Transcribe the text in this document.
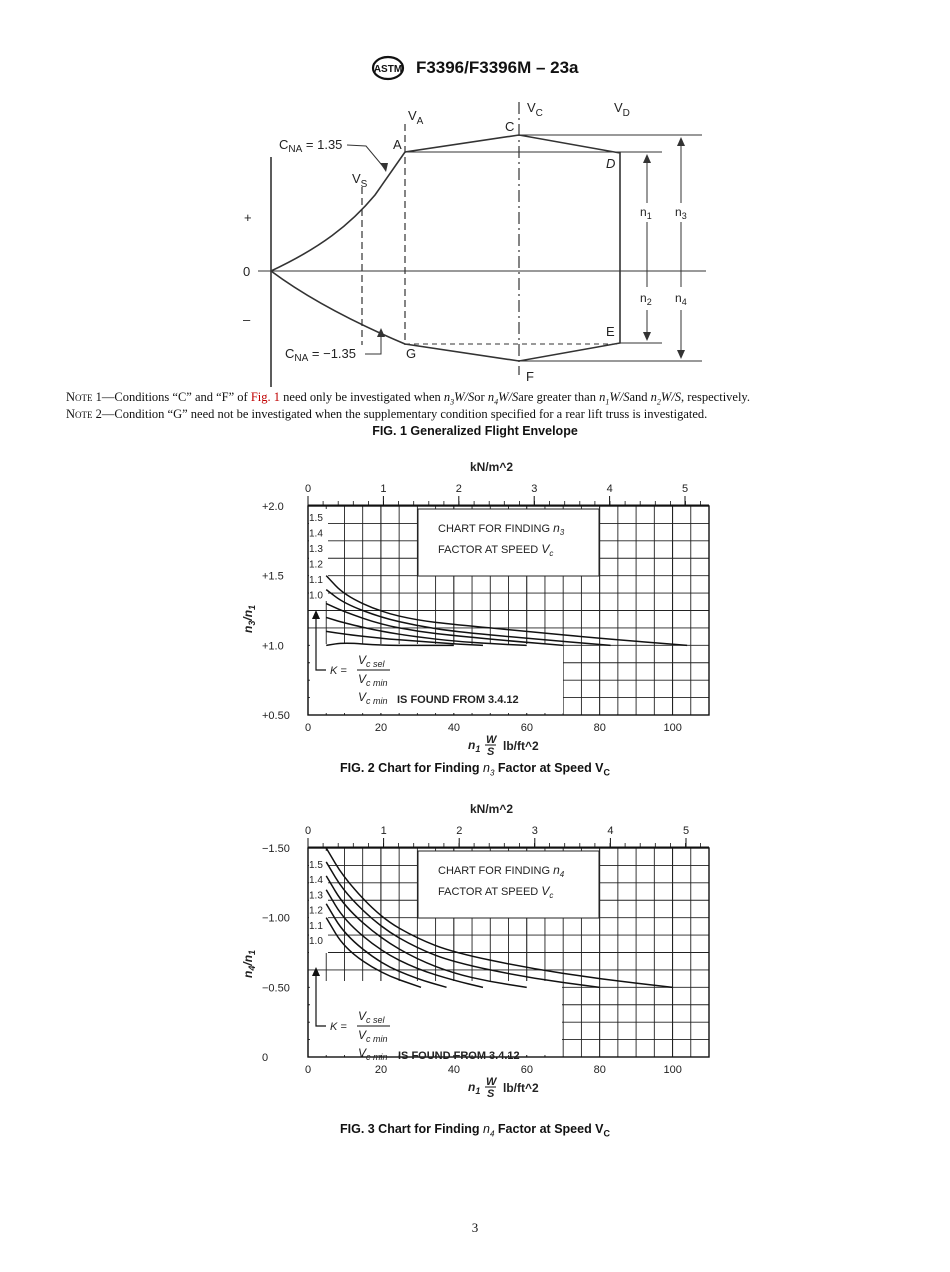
ASTM F3396/F3396M – 23a
$V_A$
$V_C$	$V_D$
$V_S$
$C_{NA} = 1.35$
$C_{NA} = -1.35$
A
C
D
E
F
G
+
0
–
$n_1$
$n_2$
$n_3$
$n_4$
Note 1—Conditions “C” and “F” of Fig. 1 need only be investigated when $n_3W$/Sor $n_4W$/Sare greater than $n_1W$/Sand $n_2W/S$, respectively.
Note 2—Condition “G” need not be investigated when the supplementary condition specified for a rear lift truss is investigated.
FIG. 1 Generalized Flight Envelope
1.5
1.4
1.3
1.2
1.1
1.0
CHART FOR FINDING $n_3$
FACTOR AT SPEED $V_c$
K =
$V_{c sel}$
$V_{c min}$
$V_{c min}$ IS FOUND FROM 3.4.12
0	1	2	3	4	5
kN/m^2
0	20	40	60	80	100
$n_1$
W
S lb/ft^2
+2.0
+1.5
+1.0
+0.50
$n_3/n_1$
FIG. 2 Chart for Finding $n_3$ Factor at Speed $V_C$
1.5
1.4
1.3
1.2
1.1
1.0
CHART FOR FINDING $n_4$
FACTOR AT SPEED $V_c$
K =
$V_{c sel}$
$V_{c min}$
$V_{c min}$ IS FOUND FROM 3.4.12
0	1	2	3	4	5
kN/m^2
0	20	40	60	80	100
$n_1$
W
S lb/ft^2
−1.50
−1.00
−0.50
0
$n_4/n_1$
FIG. 3 Chart for Finding $n_4$ Factor at Speed $V_C$
3
